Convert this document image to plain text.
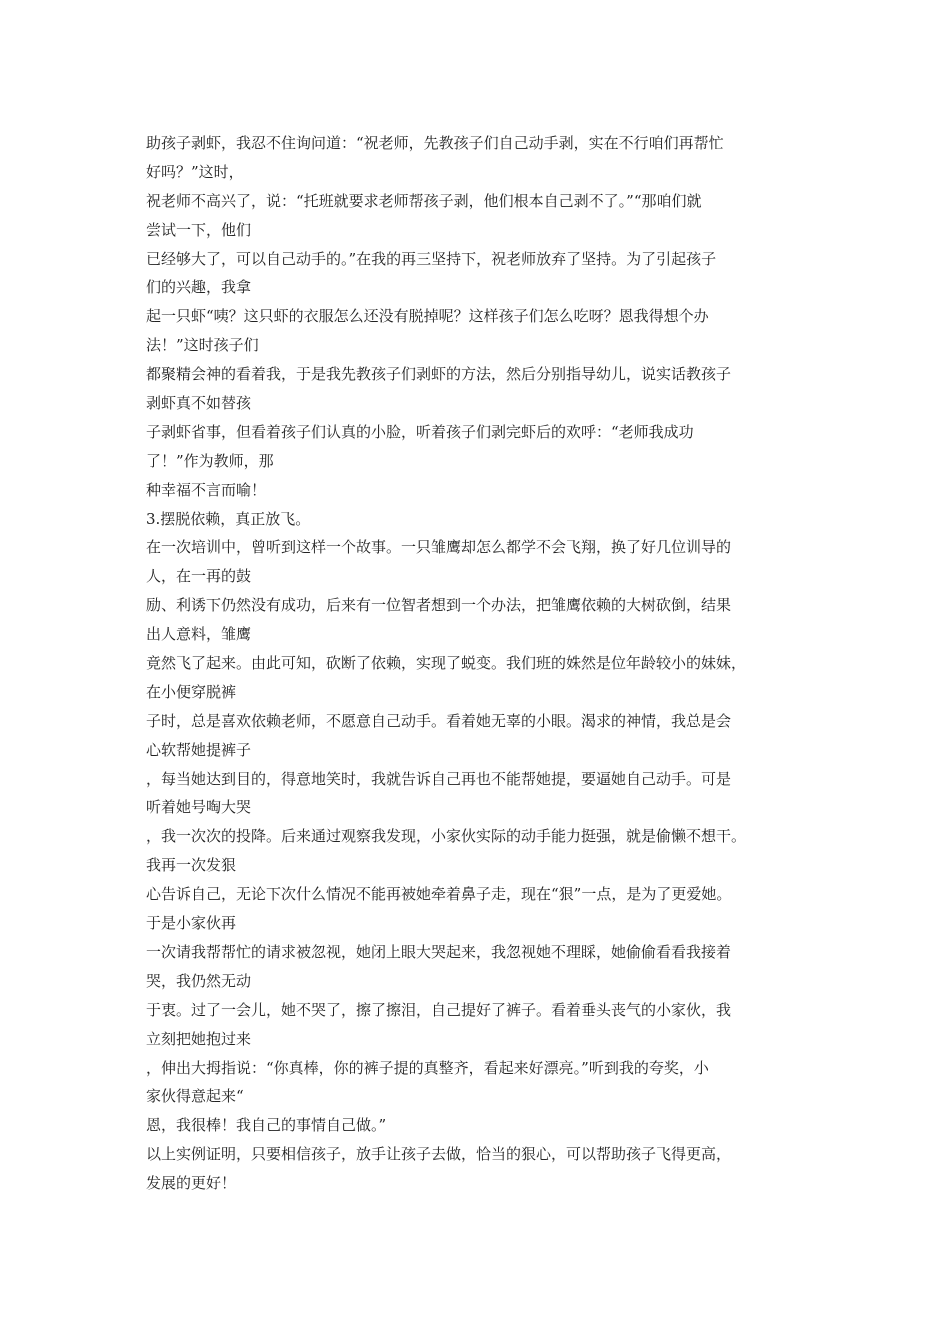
助孩子剥虾，我忍不住询问道：“祝老师，先教孩子们自己动手剥，实在不行咱们再帮忙
好吗？”这时，
祝老师不高兴了，说：“托班就要求老师帮孩子剥，他们根本自己剥不了。”“那咱们就
尝试一下，他们
已经够大了，可以自己动手的。”在我的再三坚持下，祝老师放弃了坚持。为了引起孩子
们的兴趣，我拿
起一只虾“咦？这只虾的衣服怎么还没有脱掉呢？这样孩子们怎么吃呀？恩我得想个办
法！”这时孩子们
都聚精会神的看着我，于是我先教孩子们剥虾的方法，然后分别指导幼儿，说实话教孩子
剥虾真不如替孩
子剥虾省事，但看着孩子们认真的小脸，听着孩子们剥完虾后的欢呼：“老师我成功
了！”作为教师，那
种幸福不言而喻！
3.摆脱依赖，真正放飞。
在一次培训中，曾听到这样一个故事。一只雏鹰却怎么都学不会飞翔，换了好几位训导的
人，在一再的鼓
励、利诱下仍然没有成功，后来有一位智者想到一个办法，把雏鹰依赖的大树砍倒，结果
出人意料，雏鹰
竟然飞了起来。由此可知，砍断了依赖，实现了蜕变。我们班的姝然是位年龄较小的妹妹，
在小便穿脱裤
子时，总是喜欢依赖老师，不愿意自己动手。看着她无辜的小眼。渴求的神情，我总是会
心软帮她提裤子
，每当她达到目的，得意地笑时，我就告诉自己再也不能帮她提，要逼她自己动手。可是
听着她号啕大哭
，我一次次的投降。后来通过观察我发现，小家伙实际的动手能力挺强，就是偷懒不想干。
我再一次发狠
心告诉自己，无论下次什么情况不能再被她牵着鼻子走，现在“狠”一点，是为了更爱她。
于是小家伙再
一次请我帮帮忙的请求被忽视，她闭上眼大哭起来，我忽视她不理睬，她偷偷看看我接着
哭，我仍然无动
于衷。过了一会儿，她不哭了，擦了擦泪，自己提好了裤子。看着垂头丧气的小家伙，我
立刻把她抱过来
，伸出大拇指说：“你真棒，你的裤子提的真整齐，看起来好漂亮。”听到我的夸奖，小
家伙得意起来“
恩，我很棒！我自己的事情自己做。”
以上实例证明，只要相信孩子，放手让孩子去做，恰当的狠心，可以帮助孩子飞得更高，
发展的更好！
